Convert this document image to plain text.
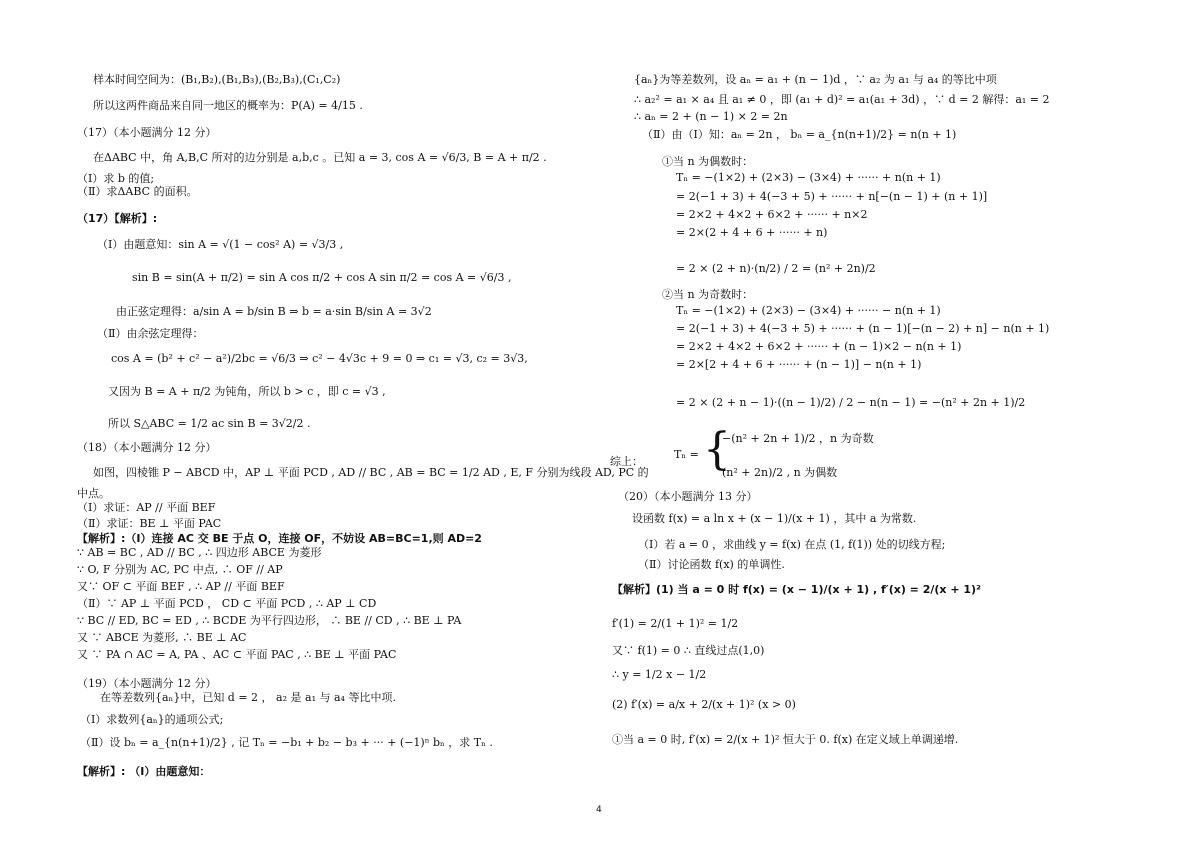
样本时间空间为：(B₁,B₂),(B₁,B₃),(B₂,B₃),(C₁,C₂)
所以这两件商品来自同一地区的概率为：P(A) = 4/15 .
（17）（本小题满分 12 分）
在ΔABC 中，角 A,B,C 所对的边分别是 a,b,c 。已知 a = 3, cos A = √6/3, B = A + π/2 .
（Ⅰ）求 b 的值;
（Ⅱ）求ΔABC 的面积。
（17）【解析】:
（Ⅰ）由题意知：sin A = √(1 − cos² A) = √3/3 ,
sin B = sin(A + π/2) = sin A cos π/2 + cos A sin π/2 = cos A = √6/3 ,
由正弦定理得：a/sin A = b/sin B ⇒ b = a·sin B/sin A = 3√2
（Ⅱ）由余弦定理得：
cos A = (b² + c² − a²)/2bc = √6/3 ⇒ c² − 4√3c + 9 = 0 ⇒ c₁ = √3, c₂ = 3√3,
又因为 B = A + π/2 为钝角，所以 b > c ，即 c = √3 ,
所以 S△ABC = 1/2 ac sin B = 3√2/2 .
（18）（本小题满分 12 分）
如图，四棱锥 P − ABCD 中，AP ⊥ 平面 PCD , AD // BC , AB = BC = 1/2 AD , E, F 分别为线段 AD, PC 的
中点。
（Ⅰ）求证：AP // 平面 BEF
（Ⅱ）求证：BE ⊥ 平面 PAC
【解析】:（Ⅰ）连接 AC 交 BE 于点 O，连接 OF，不妨设 AB=BC=1,则 AD=2
∵ AB = BC , AD // BC , ∴ 四边形 ABCE 为菱形
∵ O, F 分别为 AC, PC 中点, ∴ OF // AP
又∵ OF ⊂ 平面 BEF , ∴ AP // 平面 BEF
（Ⅱ）∵ AP ⊥ 平面 PCD ， CD ⊂ 平面 PCD , ∴ AP ⊥ CD
∵ BC // ED, BC = ED , ∴ BCDE 为平行四边形， ∴ BE // CD , ∴ BE ⊥ PA
又 ∵ ABCE 为菱形, ∴ BE ⊥ AC
又 ∵ PA ∩ AC = A, PA 、AC ⊂ 平面 PAC , ∴ BE ⊥ 平面 PAC
（19）（本小题满分 12 分）
在等差数列{aₙ}中，已知 d = 2 ， a₂ 是 a₁ 与 a₄ 等比中项.
（Ⅰ）求数列{aₙ}的通项公式;
（Ⅱ）设 bₙ = a_{n(n+1)/2} , 记 Tₙ = −b₁ + b₂ − b₃ + ··· + (−1)ⁿ bₙ ，求 Tₙ .
【解析】: （Ⅰ）由题意知：
{aₙ}为等差数列，设 aₙ = a₁ + (n − 1)d ，∵ a₂ 为 a₁ 与 a₄ 的等比中项
∴ a₂² = a₁ × a₄ 且 a₁ ≠ 0 ，即 (a₁ + d)² = a₁(a₁ + 3d) ，∵ d = 2 解得：a₁ = 2
∴ aₙ = 2 + (n − 1) × 2 = 2n
（Ⅱ）由（Ⅰ）知：aₙ = 2n ， bₙ = a_{n(n+1)/2} = n(n + 1)
①当 n 为偶数时：
Tₙ = −(1×2) + (2×3) − (3×4) + ······ + n(n + 1)
= 2(−1 + 3) + 4(−3 + 5) + ······ + n[−(n − 1) + (n + 1)]
= 2×2 + 4×2 + 6×2 + ······ + n×2
= 2×(2 + 4 + 6 + ······ + n)
= 2 × (2 + n)·(n/2) / 2 = (n² + 2n)/2
②当 n 为奇数时：
Tₙ = −(1×2) + (2×3) − (3×4) + ······ − n(n + 1)
= 2(−1 + 3) + 4(−3 + 5) + ······ + (n − 1)[−(n − 2) + n] − n(n + 1)
= 2×2 + 4×2 + 6×2 + ······ + (n − 1)×2 − n(n + 1)
= 2×[2 + 4 + 6 + ······ + (n − 1)] − n(n + 1)
= 2 × (2 + n − 1)·((n − 1)/2) / 2 − n(n − 1) = −(n² + 2n + 1)/2
综上：
Tₙ = {
−(n² + 2n + 1)/2 ，n 为奇数
(n² + 2n)/2 , n 为偶数
（20）（本小题满分 13 分）
设函数 f(x) = a ln x + (x − 1)/(x + 1) ，其中 a 为常数.
（Ⅰ）若 a = 0 ，求曲线 y = f(x) 在点 (1, f(1)) 处的切线方程;
（Ⅱ）讨论函数 f(x) 的单调性.
【解析】(1) 当 a = 0 时 f(x) = (x − 1)/(x + 1) , f′(x) = 2/(x + 1)²
f′(1) = 2/(1 + 1)² = 1/2
又∵ f(1) = 0 ∴ 直线过点(1,0)
∴ y = 1/2 x − 1/2
(2) f′(x) = a/x + 2/(x + 1)² (x > 0)
①当 a = 0 时, f′(x) = 2/(x + 1)² 恒大于 0. f(x) 在定义域上单调递增.
4
